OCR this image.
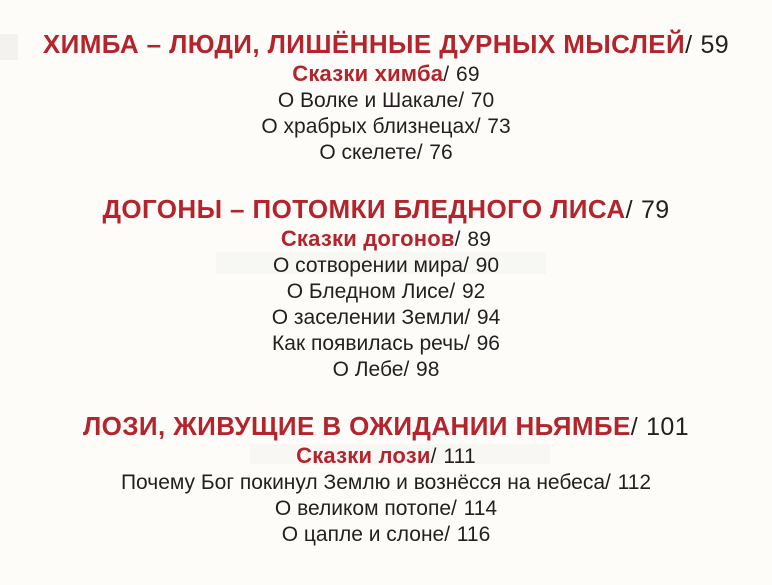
ХИМБА – ЛЮДИ, ЛИШЁННЫЕ ДУРНЫХ МЫСЛЕЙ/ 59

Сказки химба/ 69

О Волке и Шакале/ 70

О храбрых близнецах/ 73

О скелете/ 76

ДОГОНЫ – ПОТОМКИ БЛЕДНОГО ЛИСА/ 79

Сказки догонов/ 89

О сотворении мира/ 90

О Бледном Лисе/ 92

О заселении Земли/ 94

Как появилась речь/ 96

О Лебе/ 98

ЛОЗИ, ЖИВУЩИЕ В ОЖИДАНИИ НЬЯМБЕ/ 101

Сказки лози/ 111

Почему Бог покинул Землю и вознёсся на небеса/ 112

О великом потопе/ 114

О цапле и слоне/ 116
